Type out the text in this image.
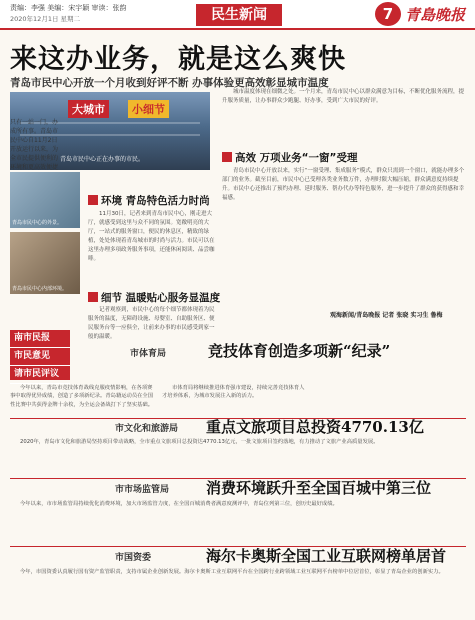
责编：李强 美编：宋宇颖 审读：张韵
2020年12月1日 星期二	民生新闻	7 青島晚报
来这办业务，就是这么爽快
青岛市民中心开放一个月收到好评不断 办事体验更高效彰显城市温度
大城市	小细节
青岛市民中心正在办事的市民。
只有一站一门，办成所有事。青岛市民中心自11月2日开放运行以来，为全市民提供便利的环境和更高效便捷
青岛市民中心的外景。
青岛市民中心内部环境。
环境 青岛特色活力时尚
11月30日，记者来到青岛市民中心，刚走进大厅，就感受到这里与众不同的氛围。宽敞明亮的大厅，一站式的服务窗口，便民的休息区，精致的绿植，处处体现着青岛城市的时尚与活力。市民可以在这里办理多项政务服务事项，还能休闲阅读、品尝咖啡。
细节 温暖贴心服务显温度
记者观察到，市民中心的每个细节都体现着为民服务的温度，无障碍设施、母婴室、自助服务区、便民服务台等一应俱全，让前来办事的市民感受到家一般的温暖。
城市温度体现在细微之处。一个月来，青岛市民中心以群众满意为目标，不断优化服务流程，提升服务质量，让办事群众少跑腿、好办事，受到广大市民的好评。
高效 万项业务“一窗”受理
青岛市民中心开放以来，实行“一窗受理、集成服务”模式，群众只需到一个窗口，就能办理多个部门的业务。截至目前，市民中心已受理各类业务数万件，办理时限大幅压缩，群众满意度持续提升。市民中心还推出了预约办理、延时服务、帮办代办等特色服务，进一步提升了群众的获得感和幸福感。
观海新闻/青岛晚报 记者 张晓 实习生 鲁梅
南市民报
市民意见
请市民评议
市体育局	竞技体育创造多项新“纪录”
今年以来，青岛市竞技体育战线克服疫情影响，在各项赛事中取得优异成绩，创造了多项新纪录。青岛籍运动员在全国性比赛中共获得金牌十余枚，为全运会备战打下了坚实基础。
市体育局将继续推进体育强市建设，持续完善竞技体育人才培养体系，为城市发展注入新的活力。
市文化和旅游局 重点文旅项目总投资4770.13亿
2020年，青岛市文化和旅游局坚持项目带动战略，全市重点文旅项目总投资达4770.13亿元，一批文旅项目签约落地，有力推动了文旅产业高质量发展。
市市场监管局 消费环境跃升至全国百城中第三位
今年以来，市市场监管局持续优化消费环境，加大市场监管力度，在全国百城消费者满意度测评中，青岛位列第三位，创历史最好成绩。
市国资委	海尔卡奥斯全国工业互联网榜单居首
今年，市国资委认真履行国有资产监管职责，支持市属企业创新发展。海尔卡奥斯工业互联网平台在全国跨行业跨领域工业互联网平台榜单中位居首位，彰显了青岛企业的创新实力。
